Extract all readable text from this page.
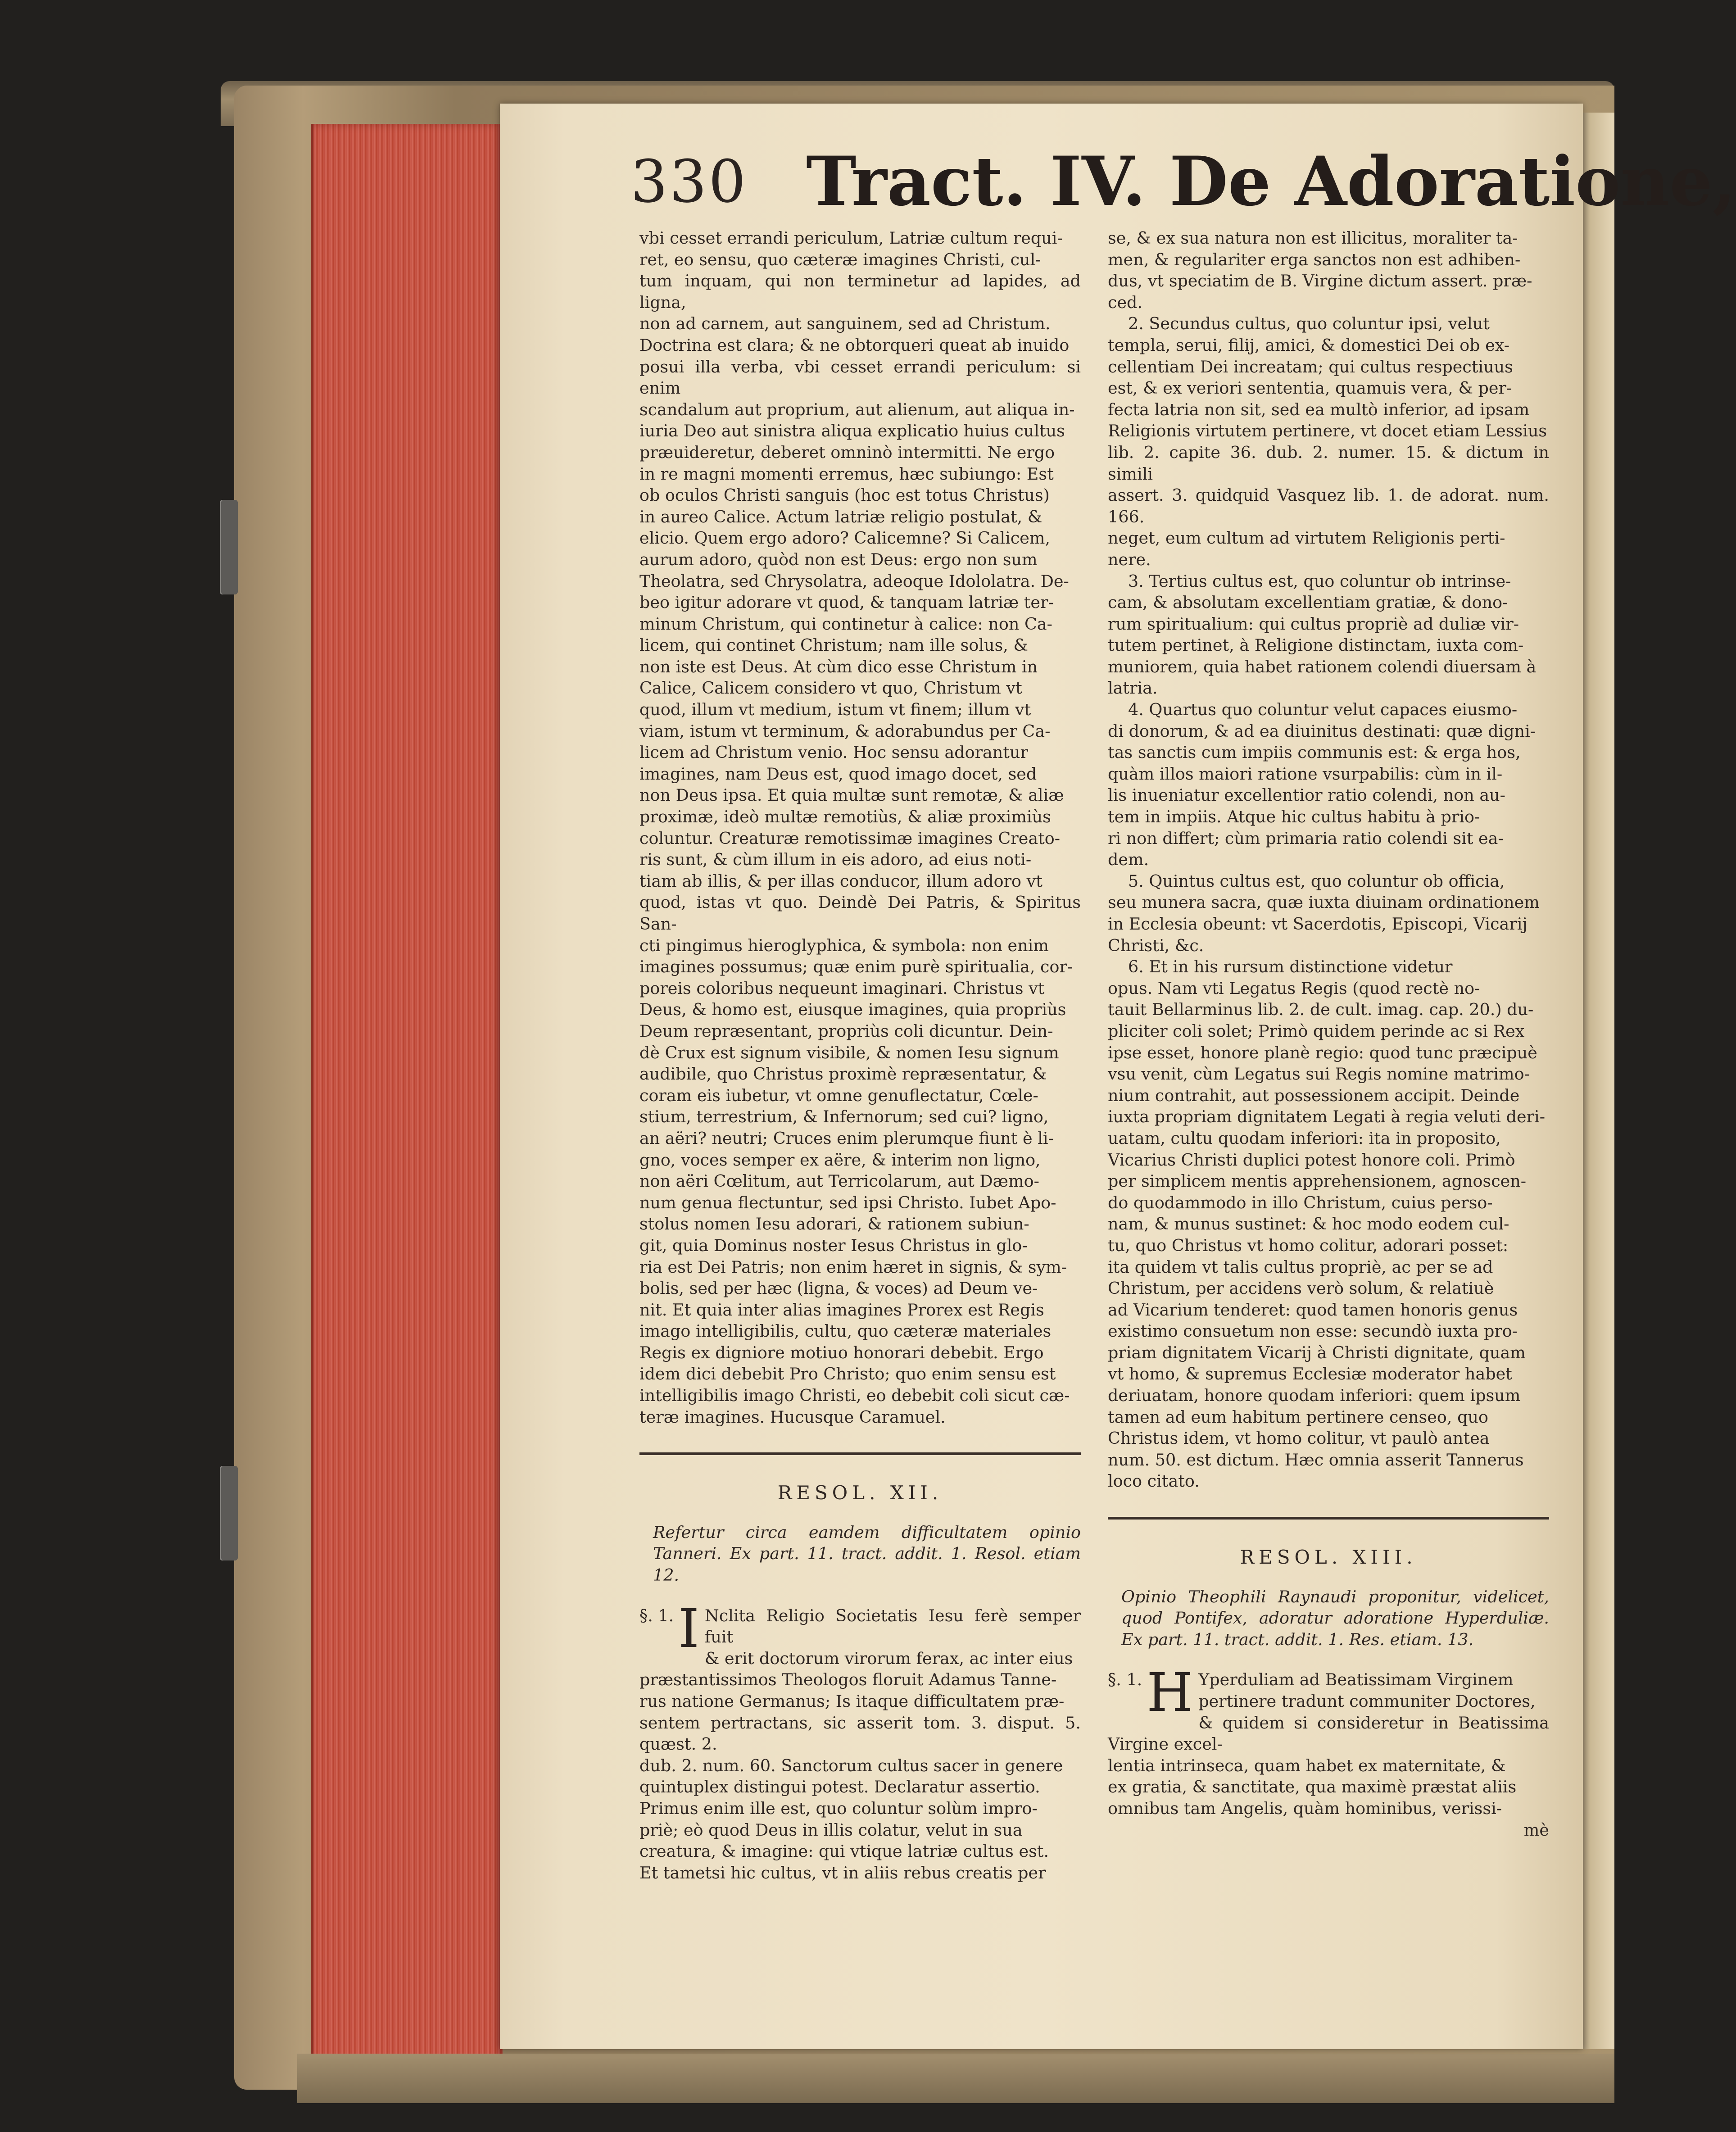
330 Tract. IV. De Adoratione,

vbi cesset errandi periculum, Latriæ cultum requi-

ret, eo sensu, quo cæteræ imagines Christi, cul-

tum inquam, qui non terminetur ad lapides, ad ligna,

non ad carnem, aut sanguinem, sed ad Christum.

Doctrina est clara; & ne obtorqueri queat ab inuido

posui illa verba, vbi cesset errandi periculum: si enim

scandalum aut proprium, aut alienum, aut aliqua in-

iuria Deo aut sinistra aliqua explicatio huius cultus

præuideretur, deberet omninò intermitti. Ne ergo

in re magni momenti erremus, hæc subiungo: Est

ob oculos Christi sanguis (hoc est totus Christus)

in aureo Calice. Actum latriæ religio postulat, &

elicio. Quem ergo adoro? Calicemne? Si Calicem,

aurum adoro, quòd non est Deus: ergo non sum

Theolatra, sed Chrysolatra, adeoque Idololatra. De-

beo igitur adorare vt quod, & tanquam latriæ ter-

minum Christum, qui continetur à calice: non Ca-

licem, qui continet Christum; nam ille solus, &

non iste est Deus. At cùm dico esse Christum in

Calice, Calicem considero vt quo, Christum vt

quod, illum vt medium, istum vt finem; illum vt

viam, istum vt terminum, & adorabundus per Ca-

licem ad Christum venio. Hoc sensu adorantur

imagines, nam Deus est, quod imago docet, sed

non Deus ipsa. Et quia multæ sunt remotæ, & aliæ

proximæ, ideò multæ remotiùs, & aliæ proximiùs

coluntur. Creaturæ remotissimæ imagines Creato-

ris sunt, & cùm illum in eis adoro, ad eius noti-

tiam ab illis, & per illas conducor, illum adoro vt

quod, istas vt quo. Deindè Dei Patris, & Spiritus San-

cti pingimus hieroglyphica, & symbola: non enim

imagines possumus; quæ enim purè spiritualia, cor-

poreis coloribus nequeunt imaginari. Christus vt

Deus, & homo est, eiusque imagines, quia propriùs

Deum repræsentant, propriùs coli dicuntur. Dein-

dè Crux est signum visibile, & nomen Iesu signum

audibile, quo Christus proximè repræsentatur, &

coram eis iubetur, vt omne genuflectatur, Cœle-

stium, terrestrium, & Infernorum; sed cui? ligno,

an aëri? neutri; Cruces enim plerumque fiunt è li-

gno, voces semper ex aëre, & interim non ligno,

non aëri Cœlitum, aut Terricolarum, aut Dæmo-

num genua flectuntur, sed ipsi Christo. Iubet Apo-

stolus nomen Iesu adorari, & rationem subiun-

git, quia Dominus noster Iesus Christus in glo-

ria est Dei Patris; non enim hæret in signis, & sym-

bolis, sed per hæc (ligna, & voces) ad Deum ve-

nit. Et quia inter alias imagines Prorex est Regis

imago intelligibilis, cultu, quo cæteræ materiales

Regis ex digniore motiuo honorari debebit. Ergo

idem dici debebit Pro Christo; quo enim sensu est

intelligibilis imago Christi, eo debebit coli sicut cæ-

teræ imagines. Hucusque Caramuel.

RESOL. XII.

Refertur circa eamdem difficultatem opinio Tanneri. Ex part. 11. tract. addit. 1. Resol. etiam 12.

§. 1. I Nclita Religio Societatis Iesu ferè semper fuit

& erit doctorum virorum ferax, ac inter eius

præstantissimos Theologos floruit Adamus Tanne-

rus natione Germanus; Is itaque difficultatem præ-

sentem pertractans, sic asserit tom. 3. disput. 5. quæst. 2.

dub. 2. num. 60. Sanctorum cultus sacer in genere

quintuplex distingui potest. Declaratur assertio.

Primus enim ille est, quo coluntur solùm impro-

priè; eò quod Deus in illis colatur, velut in sua

creatura, & imagine: qui vtique latriæ cultus est.

Et tametsi hic cultus, vt in aliis rebus creatis per

se, & ex sua natura non est illicitus, moraliter ta-

men, & regulariter erga sanctos non est adhiben-

dus, vt speciatim de B. Virgine dictum assert. præ-

ced.

2. Secundus cultus, quo coluntur ipsi, velut

templa, serui, filij, amici, & domestici Dei ob ex-

cellentiam Dei increatam; qui cultus respectiuus

est, & ex veriori sententia, quamuis vera, & per-

fecta latria non sit, sed ea multò inferior, ad ipsam

Religionis virtutem pertinere, vt docet etiam Lessius

lib. 2. capite 36. dub. 2. numer. 15. & dictum in simili

assert. 3. quidquid Vasquez lib. 1. de adorat. num. 166.

neget, eum cultum ad virtutem Religionis perti-

nere.

3. Tertius cultus est, quo coluntur ob intrinse-

cam, & absolutam excellentiam gratiæ, & dono-

rum spiritualium: qui cultus propriè ad duliæ vir-

tutem pertinet, à Religione distinctam, iuxta com-

muniorem, quia habet rationem colendi diuersam à

latria.

4. Quartus quo coluntur velut capaces eiusmo-

di donorum, & ad ea diuinitus destinati: quæ digni-

tas sanctis cum impiis communis est: & erga hos,

quàm illos maiori ratione vsurpabilis: cùm in il-

lis inueniatur excellentior ratio colendi, non au-

tem in impiis. Atque hic cultus habitu à prio-

ri non differt; cùm primaria ratio colendi sit ea-

dem.

5. Quintus cultus est, quo coluntur ob officia,

seu munera sacra, quæ iuxta diuinam ordinationem

in Ecclesia obeunt: vt Sacerdotis, Episcopi, Vicarij

Christi, &c.

6. Et in his rursum distinctione videtur

opus. Nam vti Legatus Regis (quod rectè no-

tauit Bellarminus lib. 2. de cult. imag. cap. 20.) du-

pliciter coli solet; Primò quidem perinde ac si Rex

ipse esset, honore planè regio: quod tunc præcipuè

vsu venit, cùm Legatus sui Regis nomine matrimo-

nium contrahit, aut possessionem accipit. Deinde

iuxta propriam dignitatem Legati à regia veluti deri-

uatam, cultu quodam inferiori: ita in proposito,

Vicarius Christi duplici potest honore coli. Primò

per simplicem mentis apprehensionem, agnoscen-

do quodammodo in illo Christum, cuius perso-

nam, & munus sustinet: & hoc modo eodem cul-

tu, quo Christus vt homo colitur, adorari posset:

ita quidem vt talis cultus propriè, ac per se ad

Christum, per accidens verò solum, & relatiuè

ad Vicarium tenderet: quod tamen honoris genus

existimo consuetum non esse: secundò iuxta pro-

priam dignitatem Vicarij à Christi dignitate, quam

vt homo, & supremus Ecclesiæ moderator habet

deriuatam, honore quodam inferiori: quem ipsum

tamen ad eum habitum pertinere censeo, quo

Christus idem, vt homo colitur, vt paulò antea

num. 50. est dictum. Hæc omnia asserit Tannerus

loco citato.

RESOL. XIII.

Opinio Theophili Raynaudi proponitur, videlicet, quod Pontifex, adoratur adoratione Hyperduliæ. Ex part. 11. tract. addit. 1. Res. etiam. 13.

§. 1. H Yperduliam ad Beatissimam Virginem

pertinere tradunt communiter Doctores,

& quidem si consideretur in Beatissima Virgine excel-

lentia intrinseca, quam habet ex maternitate, &

ex gratia, & sanctitate, qua maximè præstat aliis

omnibus tam Angelis, quàm hominibus, verissi-

mè
